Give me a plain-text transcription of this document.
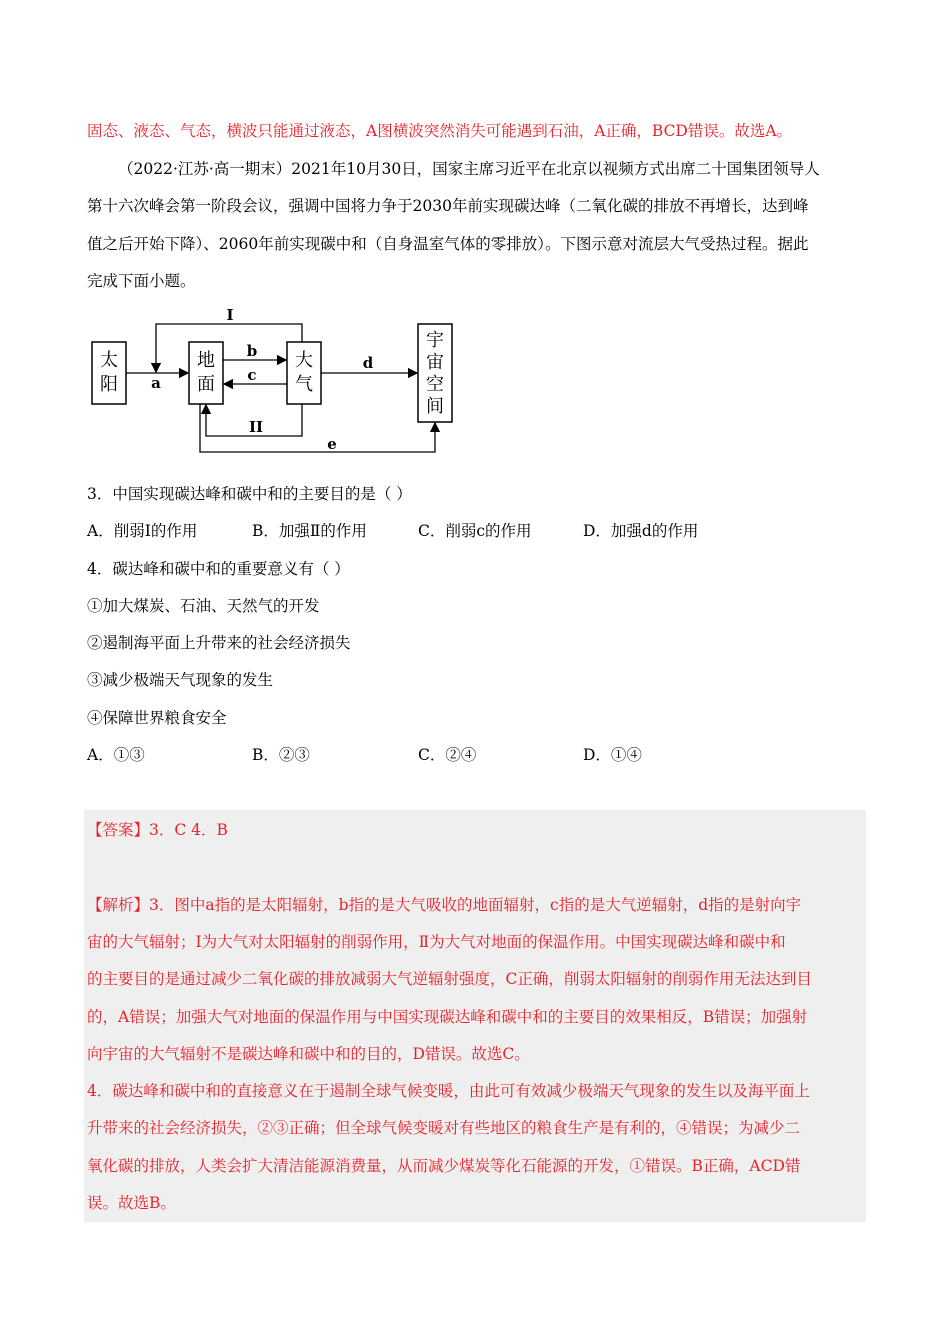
固态、液态、气态，横波只能通过液态，A图横波突然消失可能遇到石油，A正确，BCD错误。故选A。
（2022·江苏·高一期末）2021年10月30日，国家主席习近平在北京以视频方式出席二十国集团领导人
第十六次峰会第一阶段会议，强调中国将力争于2030年前实现碳达峰（二氧化碳的排放不再增长，达到峰
值之后开始下降）、2060年前实现碳中和（自身温室气体的零排放）。下图示意对流层大气受热过程。据此
完成下面小题。
太
阳
地
面
大
气
宇
宙
空
间
I
a
b
c
II
d
e
3．中国实现碳达峰和碳中和的主要目的是（ ）
A．削弱Ⅰ的作用	B．加强Ⅱ的作用	C．削弱c的作用	D．加强d的作用
4．碳达峰和碳中和的重要意义有（ ）
①加大煤炭、石油、天然气的开发
②遏制海平面上升带来的社会经济损失
③减少极端天气现象的发生
④保障世界粮食安全
A．①③	B．②③	C．②④	D．①④
【答案】3．C 4．B
【解析】3．图中a指的是太阳辐射，b指的是大气吸收的地面辐射，c指的是大气逆辐射，d指的是射向宇
宙的大气辐射；Ⅰ为大气对太阳辐射的削弱作用，Ⅱ为大气对地面的保温作用。中国实现碳达峰和碳中和
的主要目的是通过减少二氧化碳的排放减弱大气逆辐射强度，C正确，削弱太阳辐射的削弱作用无法达到目
的，A错误；加强大气对地面的保温作用与中国实现碳达峰和碳中和的主要目的效果相反，B错误；加强射
向宇宙的大气辐射不是碳达峰和碳中和的目的，D错误。故选C。
4．碳达峰和碳中和的直接意义在于遏制全球气候变暖，由此可有效减少极端天气现象的发生以及海平面上
升带来的社会经济损失，②③正确；但全球气候变暖对有些地区的粮食生产是有利的，④错误；为减少二
氧化碳的排放，人类会扩大清洁能源消费量，从而减少煤炭等化石能源的开发，①错误。B正确，ACD错
误。故选B。
